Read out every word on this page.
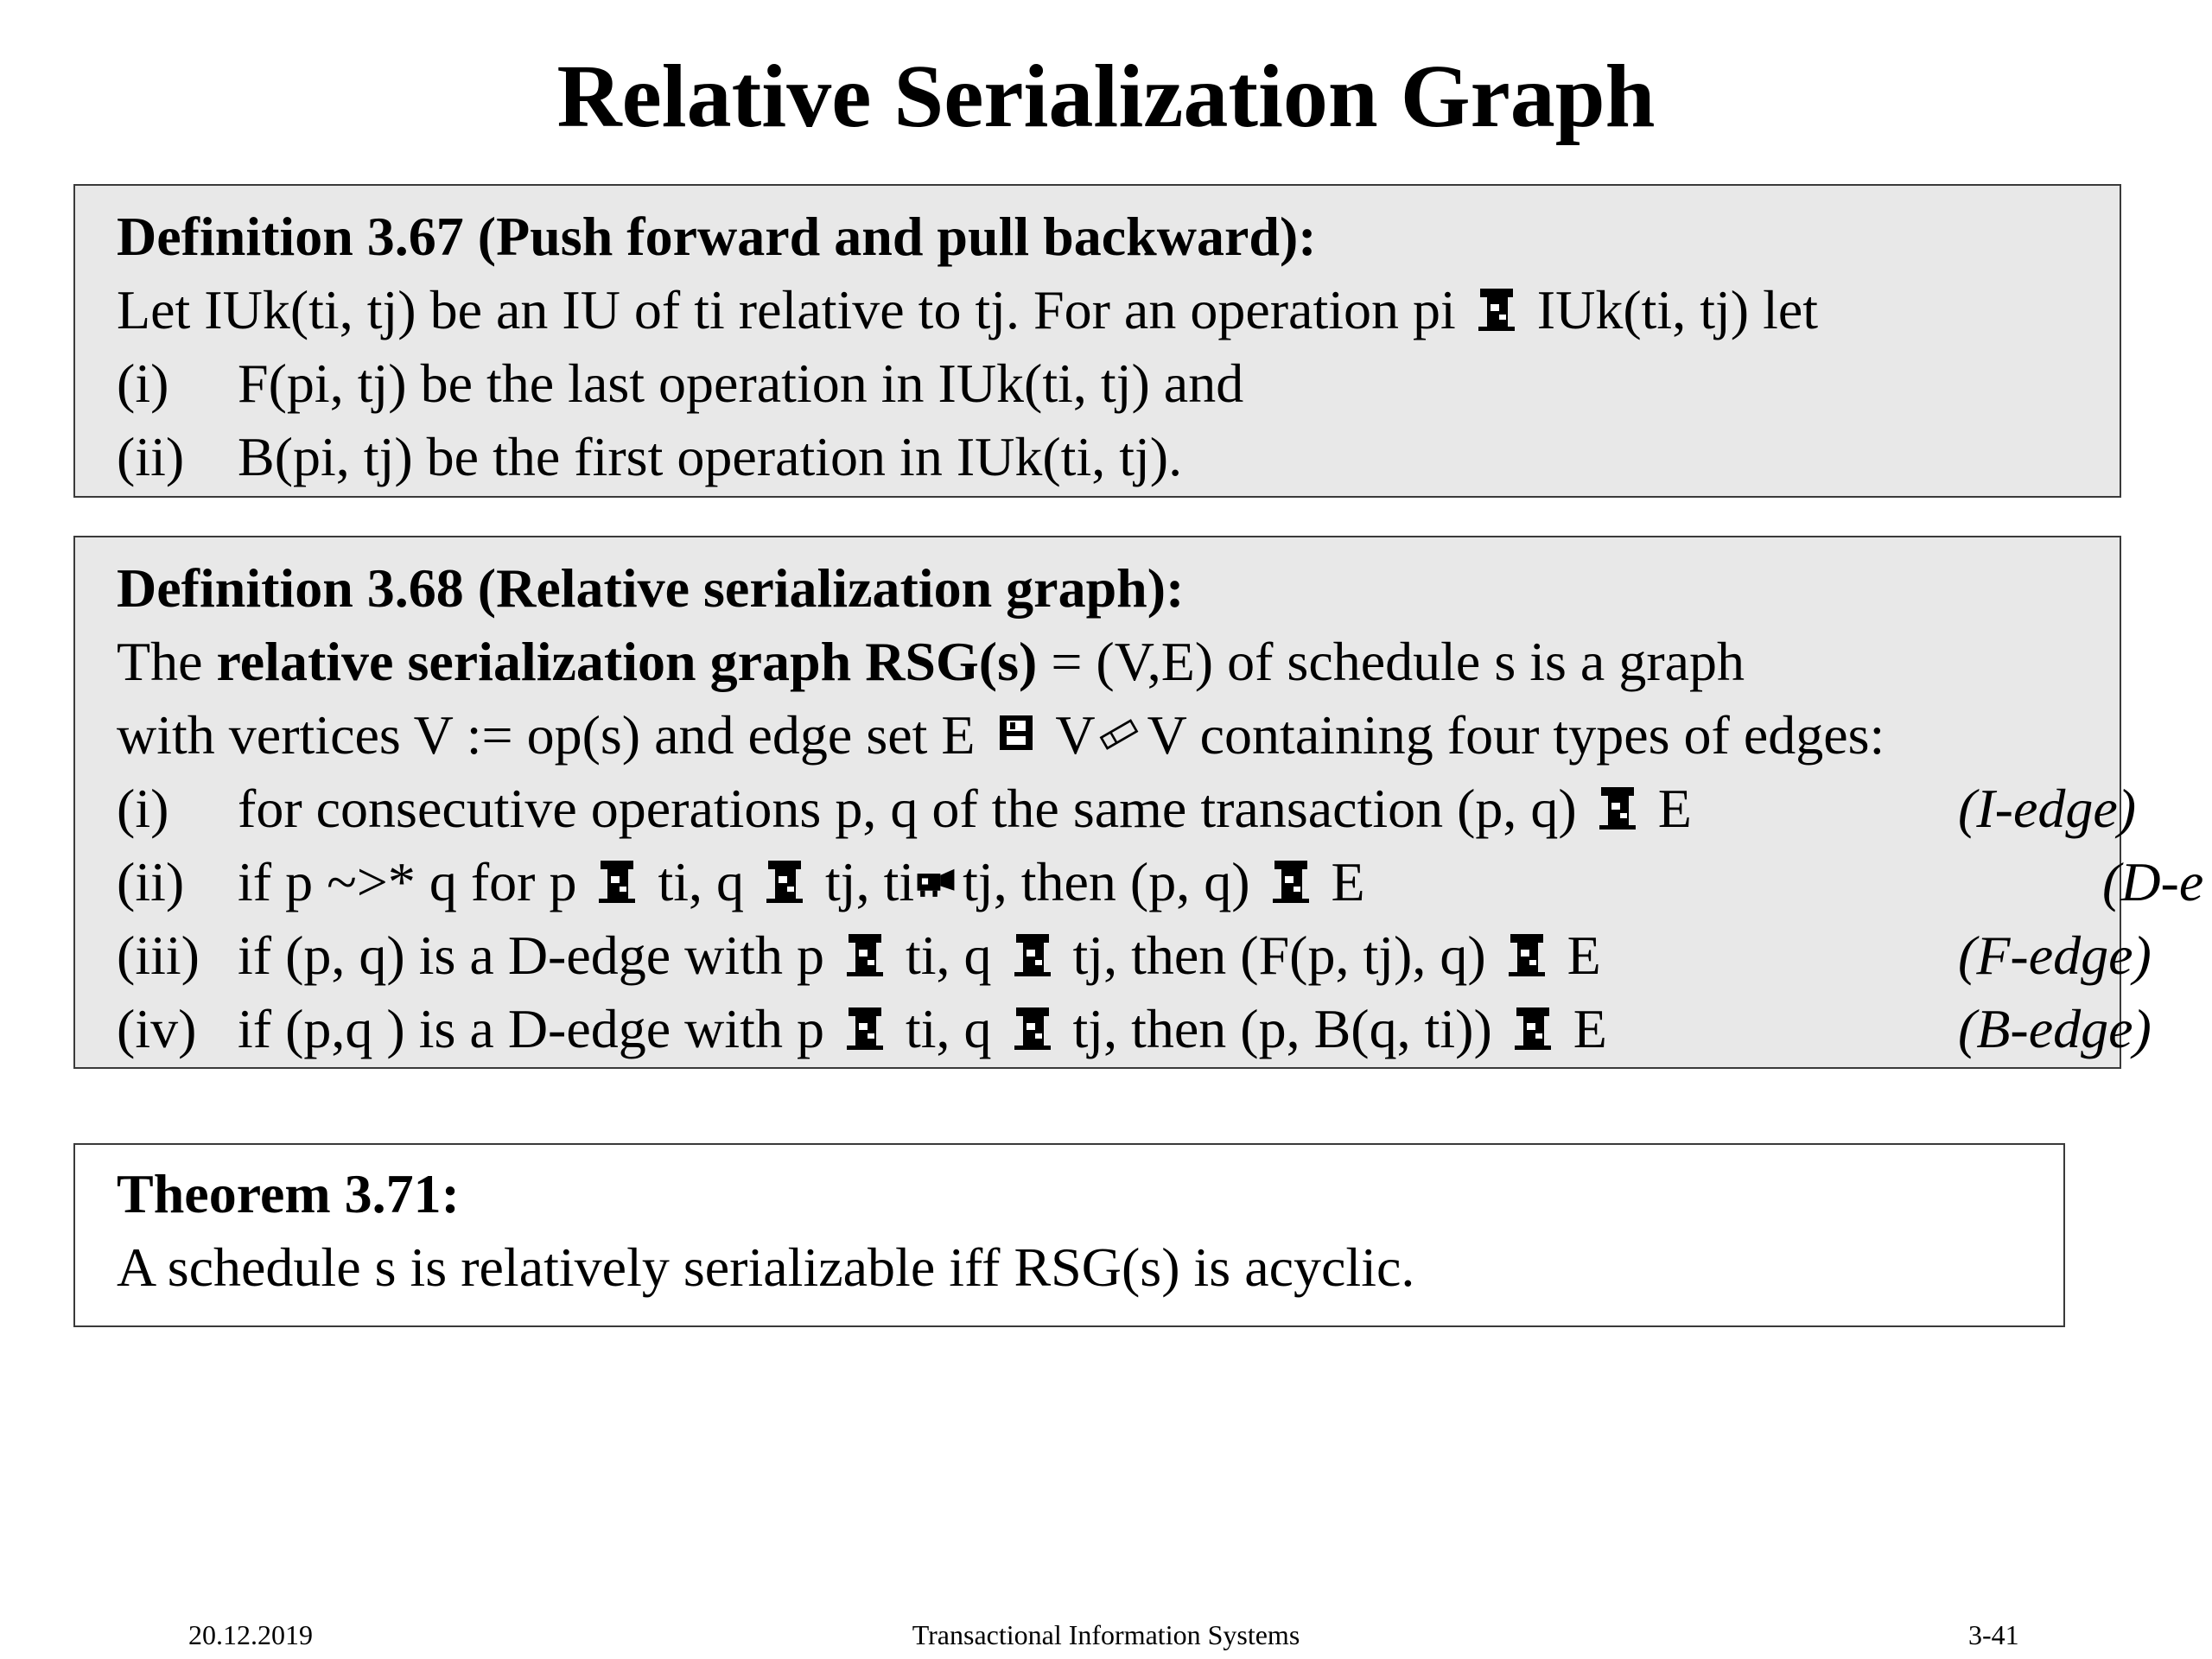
Relative Serialization Graph
Definition 3.67 (Push forward and pull backward):
Let IUk(ti, tj) be an IU of ti relative to tj. For an operation pi IUk(ti, tj) let
(i) F(pi, tj) be the last operation in IUk(ti, tj) and
(ii) B(pi, tj) be the first operation in IUk(ti, tj).
Definition 3.68 (Relative serialization graph):
The relative serialization graph RSG(s) = (V,E) of schedule s is a graph
with vertices V := op(s) and edge set E V V containing four types of edges:
(i) for consecutive operations p, q of the same transaction (p, q) E	(I-edge)
(ii) if p ~>* q for p ti, q tj, ti tj, then (p, q) E	(D-e
(iii) if (p, q) is a D-edge with p ti, q tj, then (F(p, tj), q) E	(F-edge)
(iv) if (p,q ) is a D-edge with p ti, q tj, then (p, B(q, ti)) E	(B-edge)
Theorem 3.71:
A schedule s is relatively serializable iff RSG(s) is acyclic.
20.12.2019	Transactional Information Systems	3-41
